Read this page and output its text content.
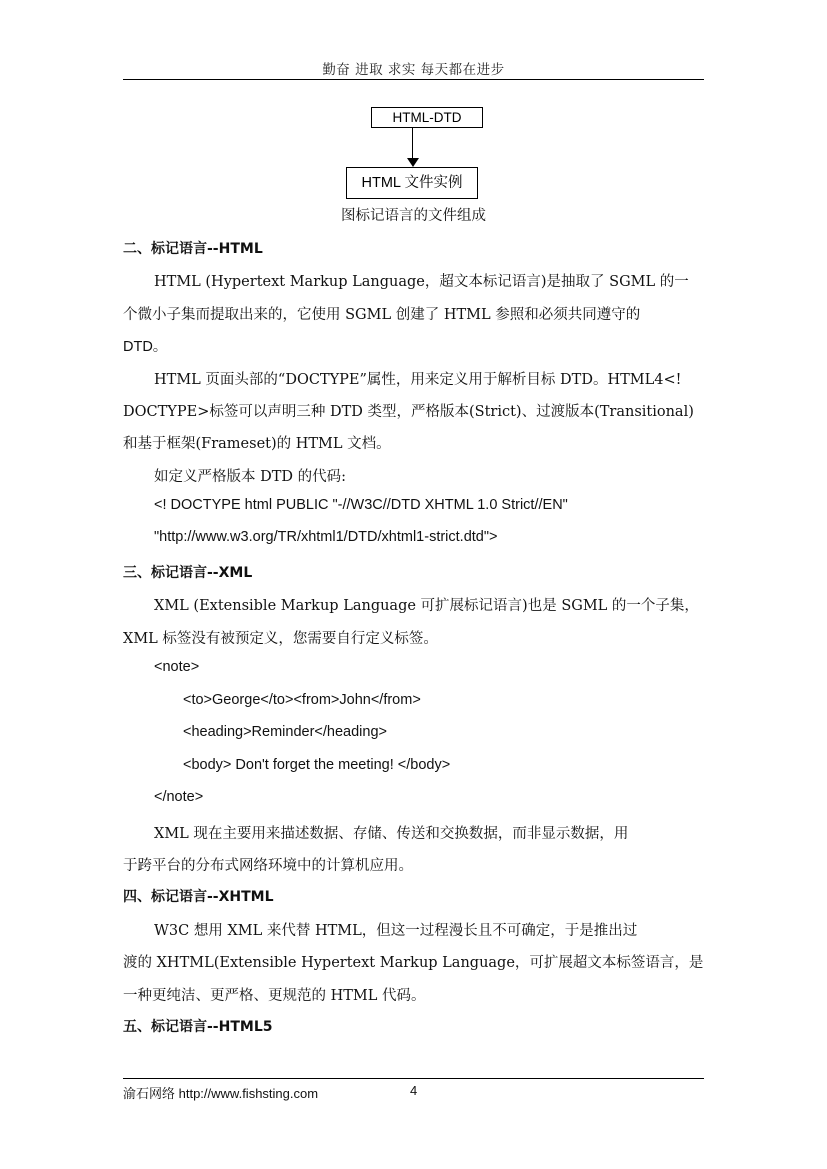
勤奋 进取 求实 每天都在进步
HTML-DTD
HTML 文件实例
图标记语言的文件组成
二、标记语言--HTML
HTML (Hypertext Markup Language，超文本标记语言)是抽取了 SGML 的一
个微小子集而提取出来的，它使用 SGML 创建了 HTML 参照和必须共同遵守的
DTD。
HTML 页面头部的“DOCTYPE”属性，用来定义用于解析目标 DTD。HTML4<!
DOCTYPE>标签可以声明三种 DTD 类型，严格版本(Strict)、过渡版本(Transitional)
和基于框架(Frameset)的 HTML 文档。
如定义严格版本 DTD 的代码:
<! DOCTYPE html PUBLIC "-//W3C//DTD XHTML 1.0 Strict//EN"
"http://www.w3.org/TR/xhtml1/DTD/xhtml1-strict.dtd">
三、标记语言--XML
XML (Extensible Markup Language 可扩展标记语言)也是 SGML 的一个子集，
XML 标签没有被预定义，您需要自行定义标签。
<note>
<to>George</to><from>John</from>
<heading>Reminder</heading>
<body> Don't forget the meeting! </body>
</note>
XML 现在主要用来描述数据、存储、传送和交换数据，而非显示数据，用
于跨平台的分布式网络环境中的计算机应用。
四、标记语言--XHTML
W3C 想用 XML 来代替 HTML，但这一过程漫长且不可确定，于是推出过
渡的 XHTML(Extensible Hypertext Markup Language，可扩展超文本标签语言，是
一种更纯洁、更严格、更规范的 HTML 代码。
五、标记语言--HTML5
渝石网络 http://www.fishsting.com	4
